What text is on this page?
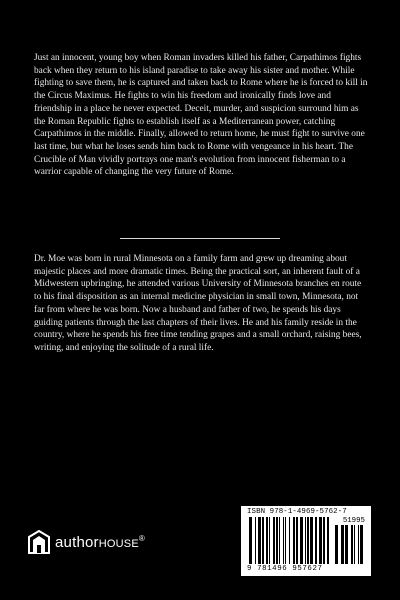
Just an innocent, young boy when Roman invaders killed his father, Carpathimos fights back when they return to his island paradise to take away his sister and mother. While fighting to save them, he is captured and taken back to Rome where he is forced to kill in the Circus Maximus. He fights to win his freedom and ironically finds love and friendship in a place he never expected. Deceit, murder, and suspicion surround him as the Roman Republic fights to establish itself as a Mediterranean power, catching Carpathimos in the middle. Finally, allowed to return home, he must fight to survive one last time, but what he loses sends him back to Rome with vengeance in his heart. The Crucible of Man vividly portrays one man's evolution from innocent fisherman to a warrior capable of changing the very future of Rome.

Dr. Moe was born in rural Minnesota on a family farm and grew up dreaming about majestic places and more dramatic times. Being the practical sort, an inherent fault of a Midwestern upbringing, he attended various University of Minnesota branches en route to his final disposition as an internal medicine physician in small town, Minnesota, not far from where he was born. Now a husband and father of two, he spends his days guiding patients through the last chapters of their lives. He and his family reside in the country, where he spends his free time tending grapes and a small orchard, raising bees, writing, and enjoying the solitude of a rural life.

authorHOUSE®
ISBN 978-1-4969-5762-7
51995
9 781496 957627
